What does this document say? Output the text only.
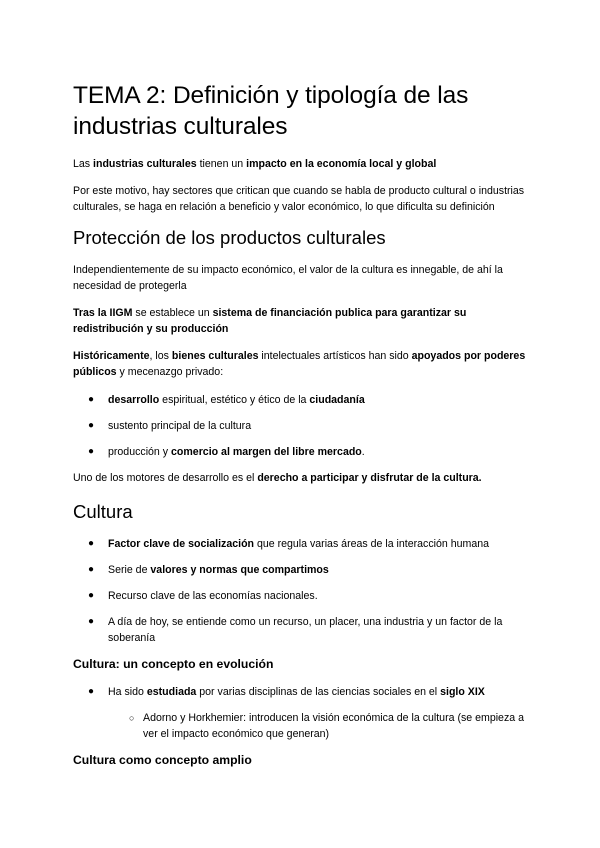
TEMA 2: Definición y tipología de las industrias culturales

Las industrias culturales tienen un impacto en la economía local y global

Por este motivo, hay sectores que critican que cuando se habla de producto cultural o industrias culturales, se haga en relación a beneficio y valor económico, lo que dificulta su definición

Protección de los productos culturales

Independientemente de su impacto económico, el valor de la cultura es innegable, de ahí la necesidad de protegerla

Tras la IIGM se establece un sistema de financiación publica para garantizar su redistribución y su producción

Históricamente, los bienes culturales intelectuales artísticos han sido apoyados por poderes públicos y mecenazgo privado:

● desarrollo espiritual, estético y ético de la ciudadanía
● sustento principal de la cultura
● producción y comercio al margen del libre mercado.

Uno de los motores de desarrollo es el derecho a participar y disfrutar de la cultura.

Cultura
● Factor clave de socialización que regula varias áreas de la interacción humana
● Serie de valores y normas que compartimos
● Recurso clave de las economías nacionales.
● A día de hoy, se entiende como un recurso, un placer, una industria y un factor de la soberanía
Cultura: un concepto en evolución
● Ha sido estudiada por varias disciplinas de las ciencias sociales en el siglo XIX
○ Adorno y Horkhemier: introducen la visión económica de la cultura (se empieza a ver el impacto económico que generan)
Cultura como concepto amplio
